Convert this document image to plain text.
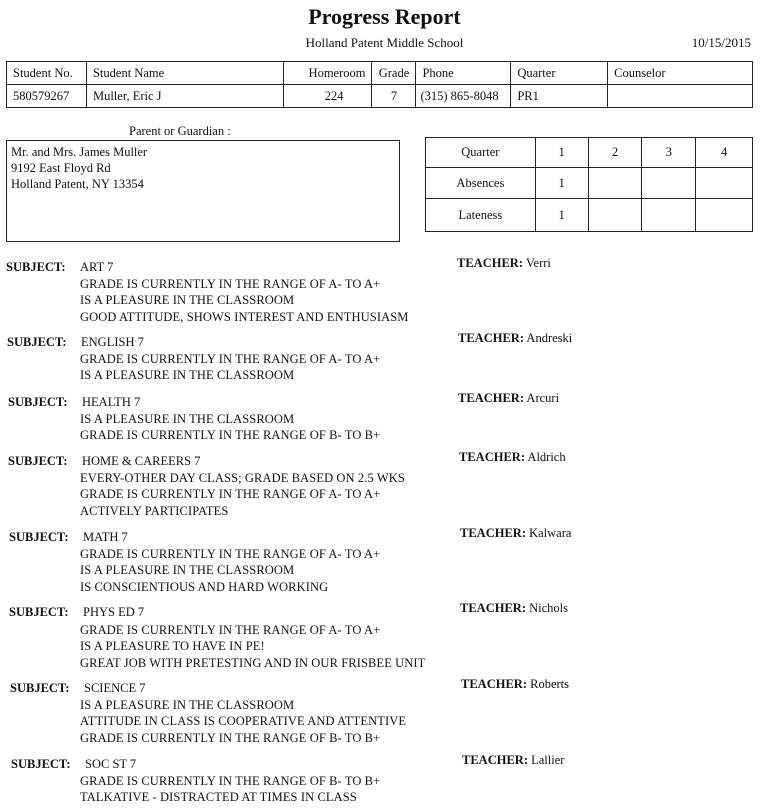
Progress Report
Holland Patent Middle School	10/15/2015
Student No.	Student Name	Homeroom	Grade	Phone	Quarter	Counselor
580579267	Muller, Eric J	224	7	(315) 865-8048	PR1	
Parent or Guardian :
Mr. and Mrs. James Muller
9192 East Floyd Rd
Holland Patent, NY 13354
Quarter	1	2	3	4
Absences	1			
Lateness	1			
SUBJECT: ART 7	TEACHER: Verri
GRADE IS CURRENTLY IN THE RANGE OF A- TO A+
IS A PLEASURE IN THE CLASSROOM
GOOD ATTITUDE, SHOWS INTEREST AND ENTHUSIASM
SUBJECT: ENGLISH 7	TEACHER: Andreski
GRADE IS CURRENTLY IN THE RANGE OF A- TO A+
IS A PLEASURE IN THE CLASSROOM
SUBJECT: HEALTH 7	TEACHER: Arcuri
IS A PLEASURE IN THE CLASSROOM
GRADE IS CURRENTLY IN THE RANGE OF B- TO B+
SUBJECT: HOME & CAREERS 7	TEACHER: Aldrich
EVERY-OTHER DAY CLASS; GRADE BASED ON 2.5 WKS
GRADE IS CURRENTLY IN THE RANGE OF A- TO A+
ACTIVELY PARTICIPATES
SUBJECT: MATH 7	TEACHER: Kalwara
GRADE IS CURRENTLY IN THE RANGE OF A- TO A+
IS A PLEASURE IN THE CLASSROOM
IS CONSCIENTIOUS AND HARD WORKING
SUBJECT: PHYS ED 7	TEACHER: Nichols
GRADE IS CURRENTLY IN THE RANGE OF A- TO A+
IS A PLEASURE TO HAVE IN PE!
GREAT JOB WITH PRETESTING AND IN OUR FRISBEE UNIT
SUBJECT: SCIENCE 7	TEACHER: Roberts
IS A PLEASURE IN THE CLASSROOM
ATTITUDE IN CLASS IS COOPERATIVE AND ATTENTIVE
GRADE IS CURRENTLY IN THE RANGE OF B- TO B+
SUBJECT: SOC ST 7	TEACHER: Lallier
GRADE IS CURRENTLY IN THE RANGE OF B- TO B+
TALKATIVE - DISTRACTED AT TIMES IN CLASS
